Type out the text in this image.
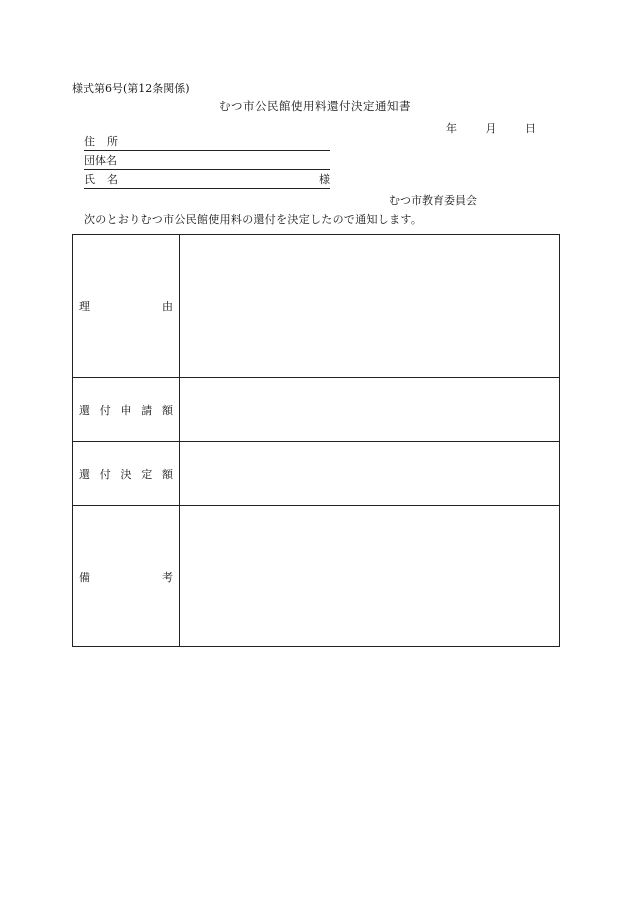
様式第6号(第12条関係)
むつ市公民館使用料還付決定通知書
年	月	日
住所
団体名
氏名	様
むつ市教育委員会
次のとおりむつ市公民館使用料の還付を決定したので通知します。
理	由
還 付 申 請 額
還 付 決 定 額
備	考
